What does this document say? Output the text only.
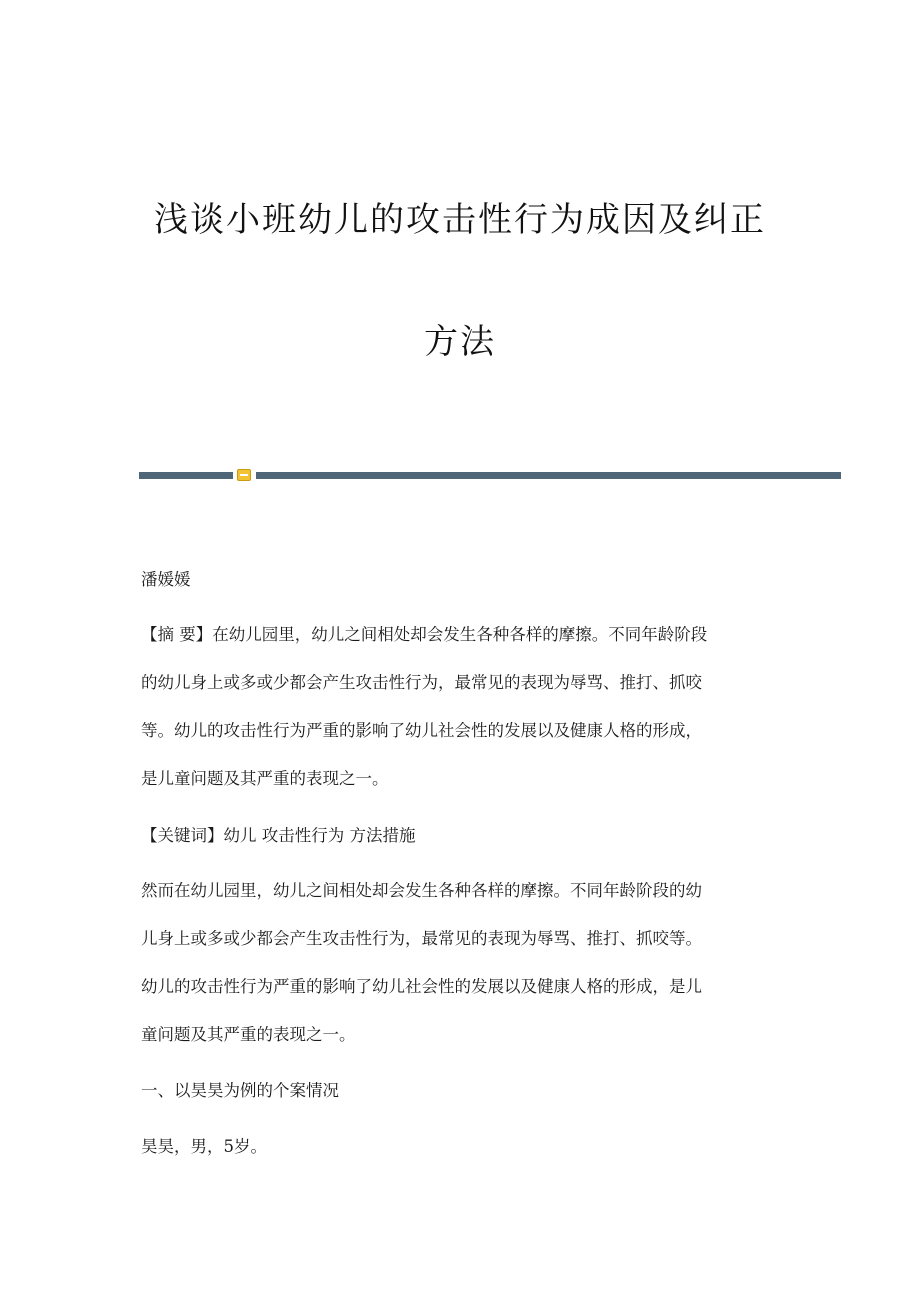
浅谈小班幼儿的攻击性行为成因及纠正
方法
潘媛媛
【摘 要】在幼儿园里，幼儿之间相处却会发生各种各样的摩擦。不同年龄阶段
的幼儿身上或多或少都会产生攻击性行为，最常见的表现为辱骂、推打、抓咬
等。幼儿的攻击性行为严重的影响了幼儿社会性的发展以及健康人格的形成，
是儿童问题及其严重的表现之一。
【关键词】幼儿 攻击性行为 方法措施
然而在幼儿园里，幼儿之间相处却会发生各种各样的摩擦。不同年龄阶段的幼
儿身上或多或少都会产生攻击性行为，最常见的表现为辱骂、推打、抓咬等。
幼儿的攻击性行为严重的影响了幼儿社会性的发展以及健康人格的形成，是儿
童问题及其严重的表现之一。
一、以昊昊为例的个案情况
昊昊，男，5岁。
